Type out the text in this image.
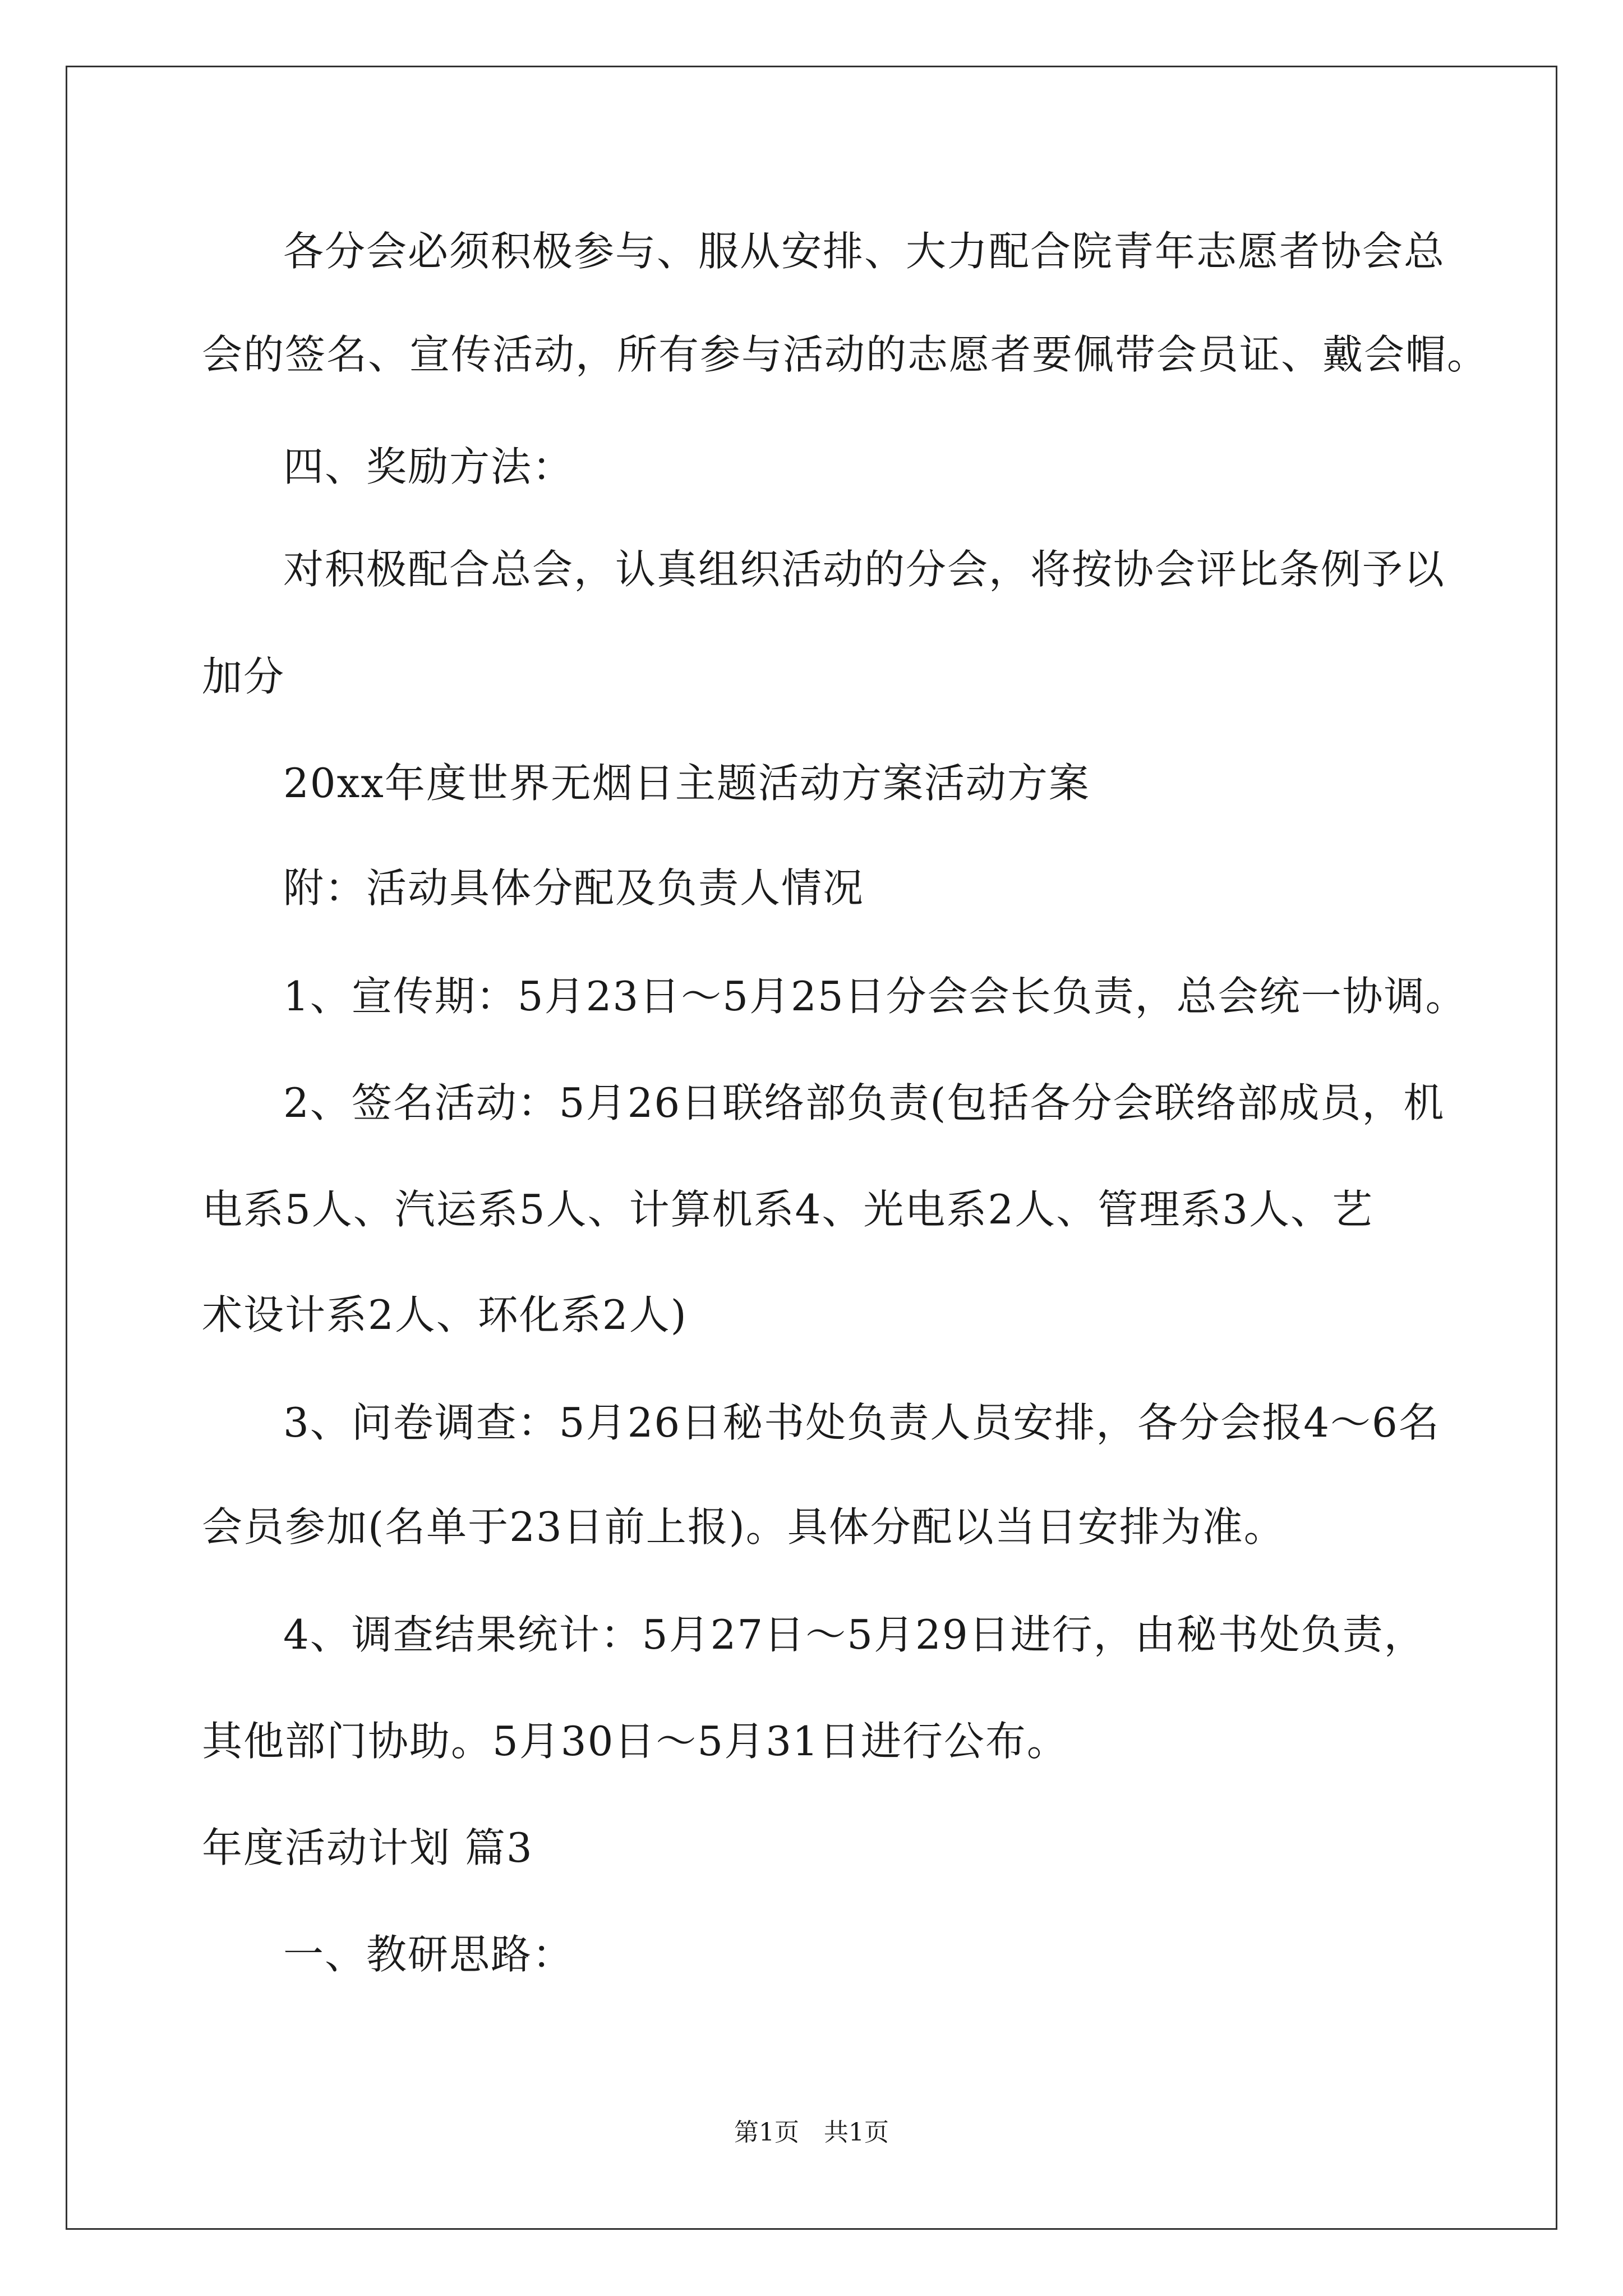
各分会必须积极参与、服从安排、大力配合院青年志愿者协会总

会的签名、宣传活动，所有参与活动的志愿者要佩带会员证、戴会帽。

四、奖励方法：

对积极配合总会，认真组织活动的分会，将按协会评比条例予以

加分

20xx年度世界无烟日主题活动方案活动方案

附：活动具体分配及负责人情况

1、宣传期：5月23日～5月25日分会会长负责，总会统一协调。

2、签名活动：5月26日联络部负责(包括各分会联络部成员，机

电系5人、汽运系5人、计算机系4、光电系2人、管理系3人、艺

术设计系2人、环化系2人)

3、问卷调查：5月26日秘书处负责人员安排，各分会报4～6名

会员参加(名单于23日前上报)。具体分配以当日安排为准。

4、调查结果统计：5月27日～5月29日进行，由秘书处负责，

其他部门协助。5月30日～5月31日进行公布。

年度活动计划 篇3

一、教研思路：

第1页　共1页
